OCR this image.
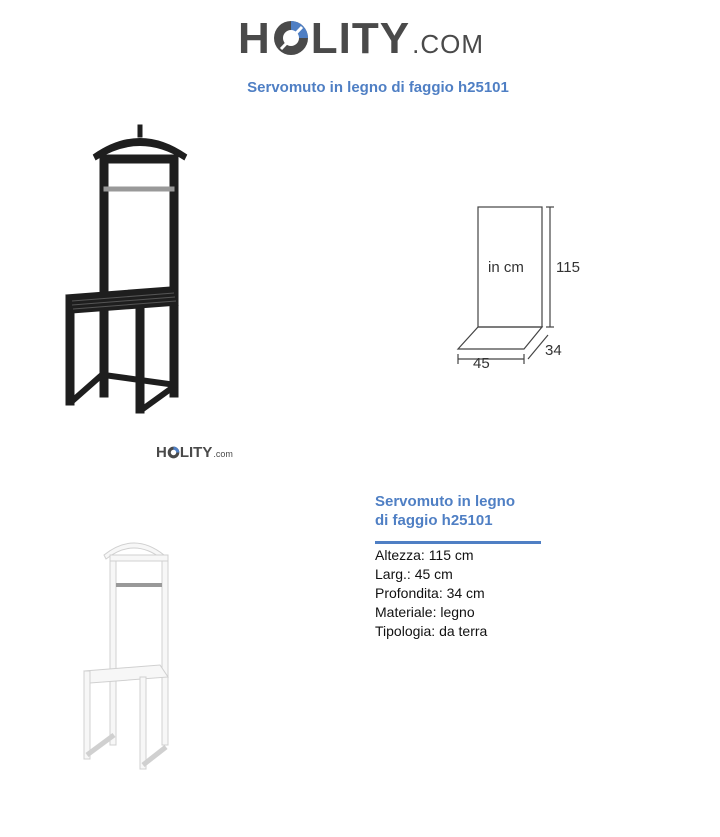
H LITY .COM
Servomuto in legno di faggio h25101
H LITY .com
in cm 115
45
34
Servomuto in legno
di faggio h25101
Altezza: 115 cm
Larg.: 45 cm
Profondita: 34 cm
Materiale: legno
Tipologia: da terra
